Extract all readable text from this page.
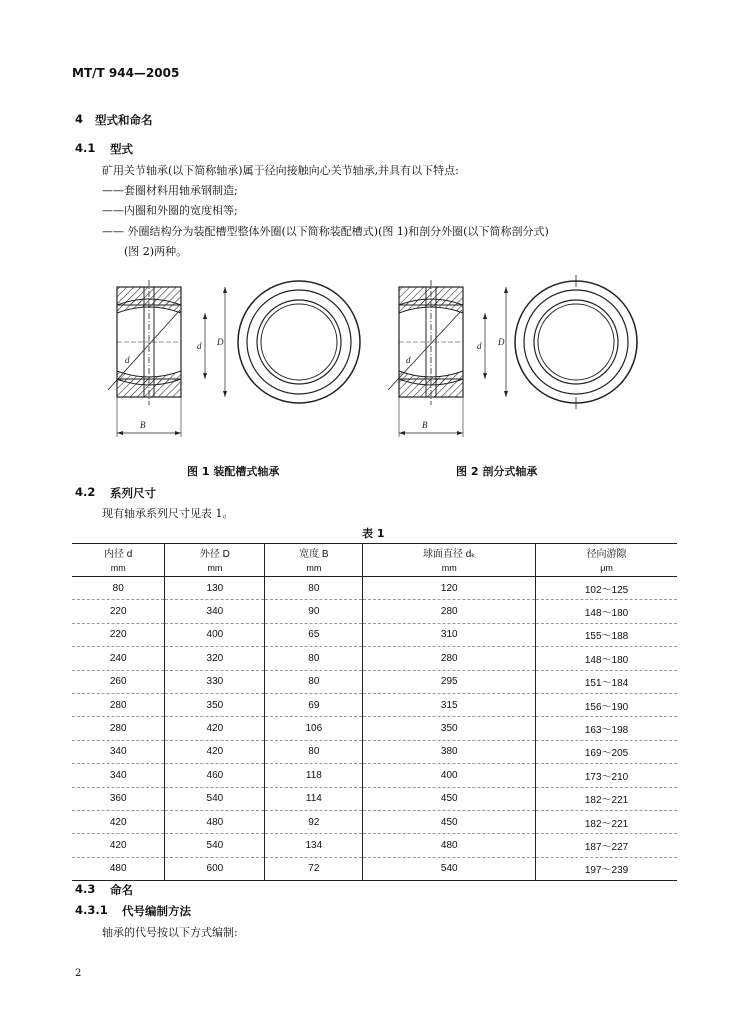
MT/T 944—2005
4 型式和命名
4.1 型式
矿用关节轴承(以下简称轴承)属于径向接触向心关节轴承,并具有以下特点:
——套圈材料用轴承钢制造;
——内圈和外圈的宽度相等;
—— 外圈结构分为装配槽型整体外圈(以下简称装配槽式)(图 1)和剖分外圈(以下简称剖分式)
(图 2)两种。
d
d D
B
d
d D
B
图 1 装配槽式轴承	图 2 剖分式轴承
4.2 系列尺寸
现有轴承系列尺寸见表 1。
表 1
内径 d	外径 D	宽度 B	球面直径 dₖ	径向游隙
mm	mm	mm	mm	μm
80	130	80	120	102～125
220	340	90	280	148～180
220	400	65	310	155～188
240	320	80	280	148～180
260	330	80	295	151～184
280	350	69	315	156～190
280	420	106	350	163～198
340	420	80	380	169～205
340	460	118	400	173～210
360	540	114	450	182～221
420	480	92	450	182～221
420	540	134	480	187～227
480	600	72	540	197～239
4.3 命名
4.3.1 代号编制方法
轴承的代号按以下方式编制:
2
